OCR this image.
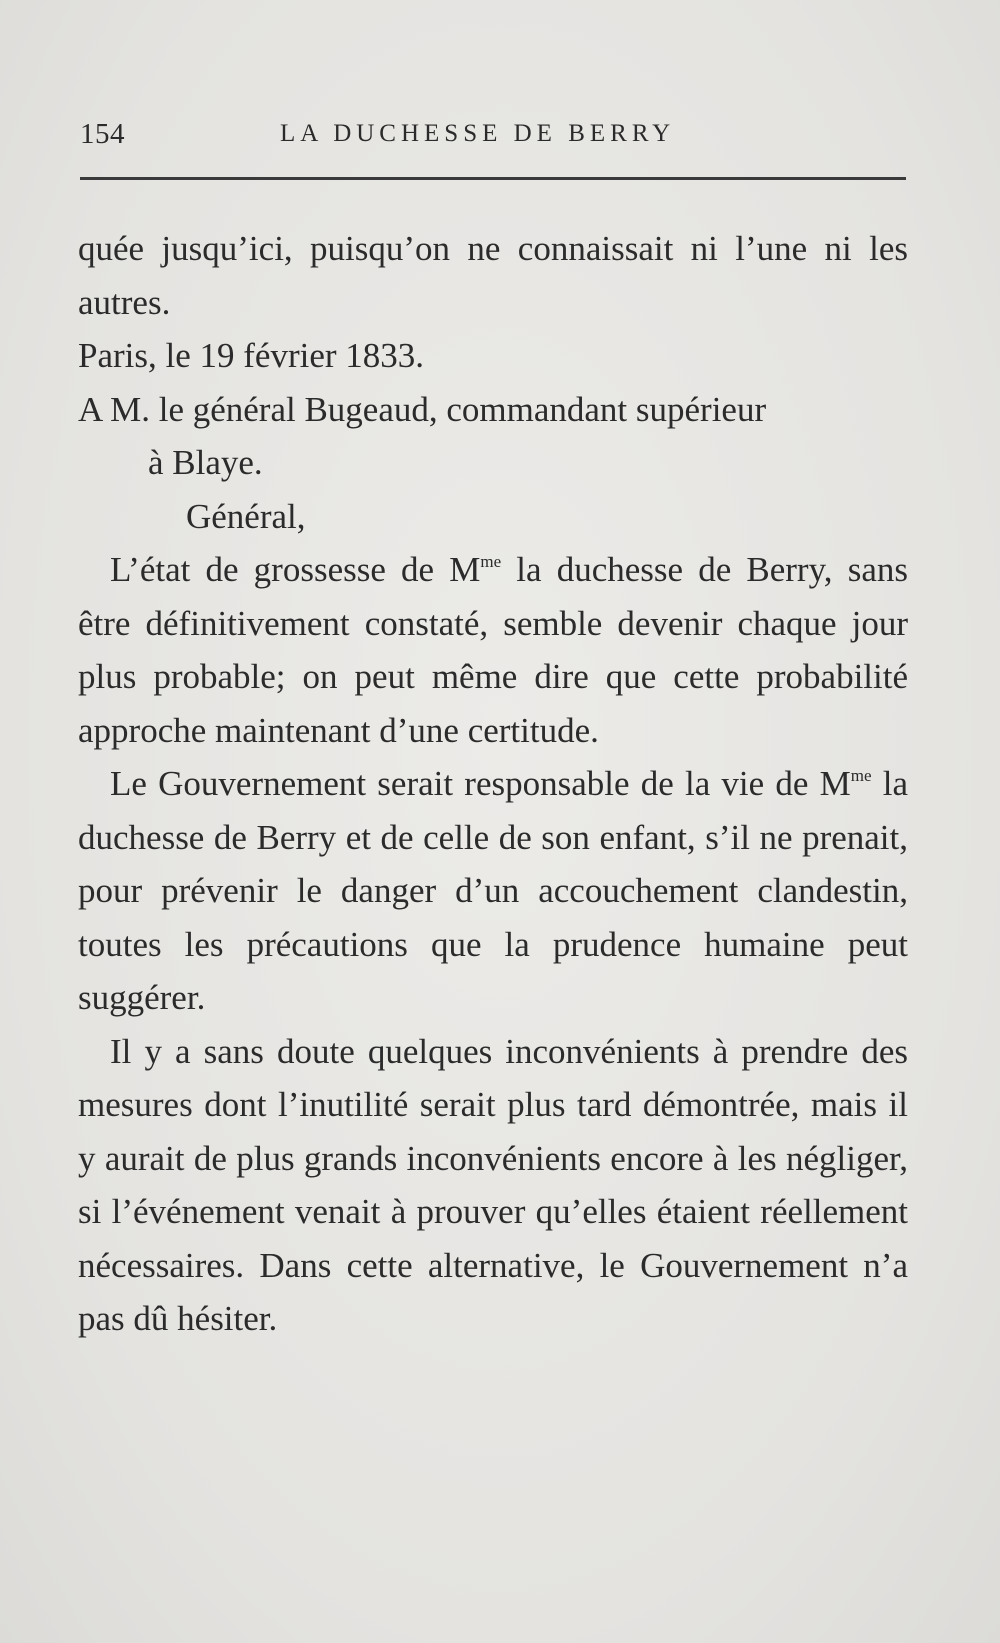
154	LA DUCHESSE DE BERRY

quée jusqu’ici, puisqu’on ne connaissait ni l’une ni les autres.

Paris, le 19 février 1833.

A M. le général Bugeaud, commandant supérieur

à Blaye.

Général,

L’état de grossesse de $M^{me}$ la duchesse de Berry, sans être définitivement constaté, semble devenir chaque jour plus probable; on peut même dire que cette probabilité approche maintenant d’une certitude.

Le Gouvernement serait responsable de la vie de $M^{me}$ la duchesse de Berry et de celle de son enfant, s’il ne prenait, pour prévenir le danger d’un accouchement clandestin, toutes les précautions que la prudence humaine peut suggérer.

Il y a sans doute quelques inconvénients à prendre des mesures dont l’inutilité serait plus tard démontrée, mais il y aurait de plus grands inconvénients encore à les négliger, si l’événement venait à prouver qu’elles étaient réellement nécessaires. Dans cette alternative, le Gouvernement n’a pas dû hésiter.
